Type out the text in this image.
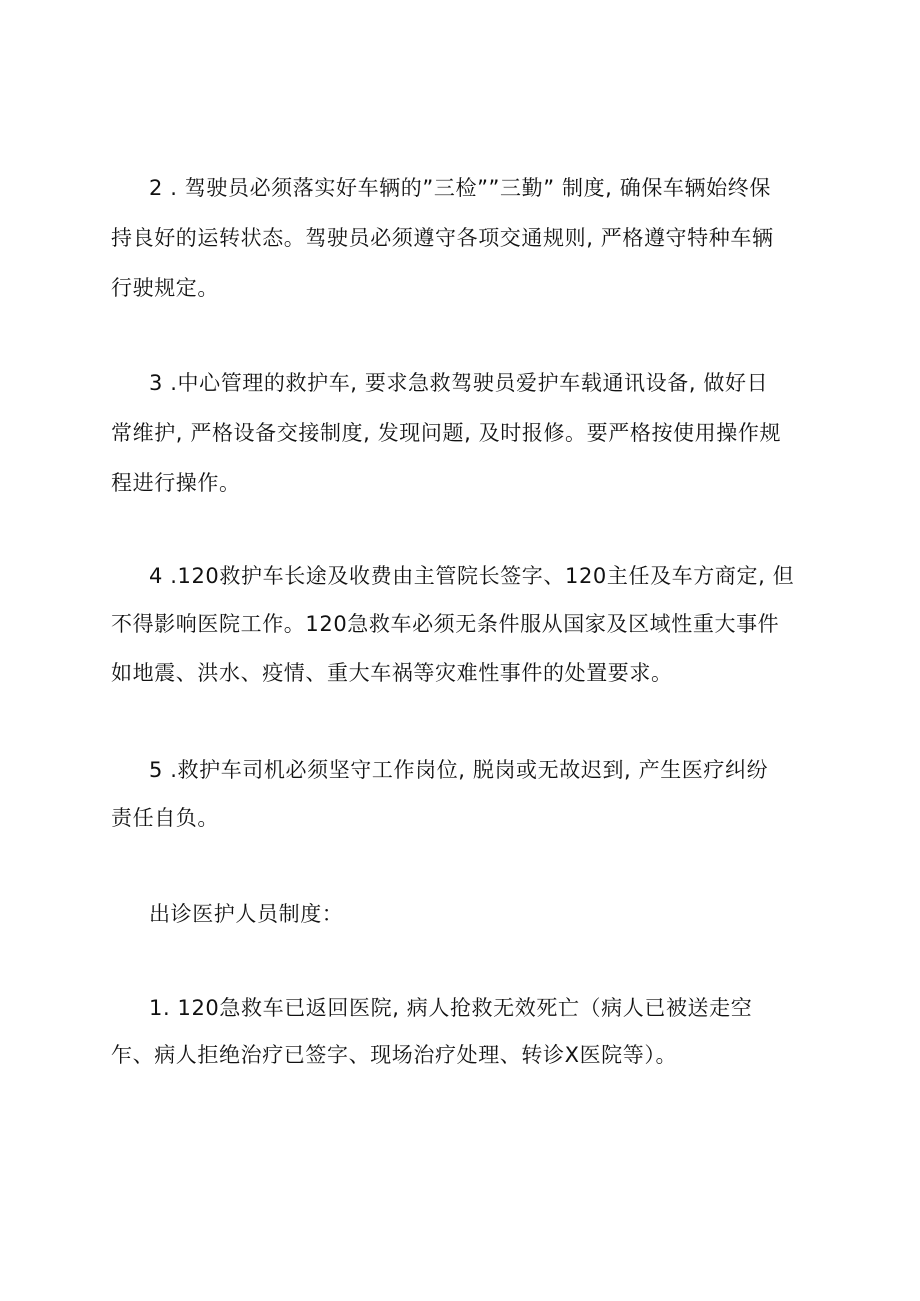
2 . 驾驶员必须落实好车辆的”三检””三勤” 制度, 确保车辆始终保
持良好的运转状态。驾驶员必须遵守各项交通规则, 严格遵守特种车辆
行驶规定。
3 .中心管理的救护车, 要求急救驾驶员爱护车载通讯设备, 做好日
常维护, 严格设备交接制度, 发现问题, 及时报修。要严格按使用操作规
程进行操作。
4 .120救护车长途及收费由主管院长签字、120主任及车方商定, 但
不得影响医院工作。120急救车必须无条件服从国家及区域性重大事件
如地震、洪水、疫情、重大车祸等灾难性事件的处置要求。
5 .救护车司机必须坚守工作岗位, 脱岗或无故迟到, 产生医疗纠纷
责任自负。
出诊医护人员制度：
1. 120急救车已返回医院, 病人抢救无效死亡（病人已被送走空
乍、病人拒绝治疗已签字、现场治疗处理、转诊X医院等）。
